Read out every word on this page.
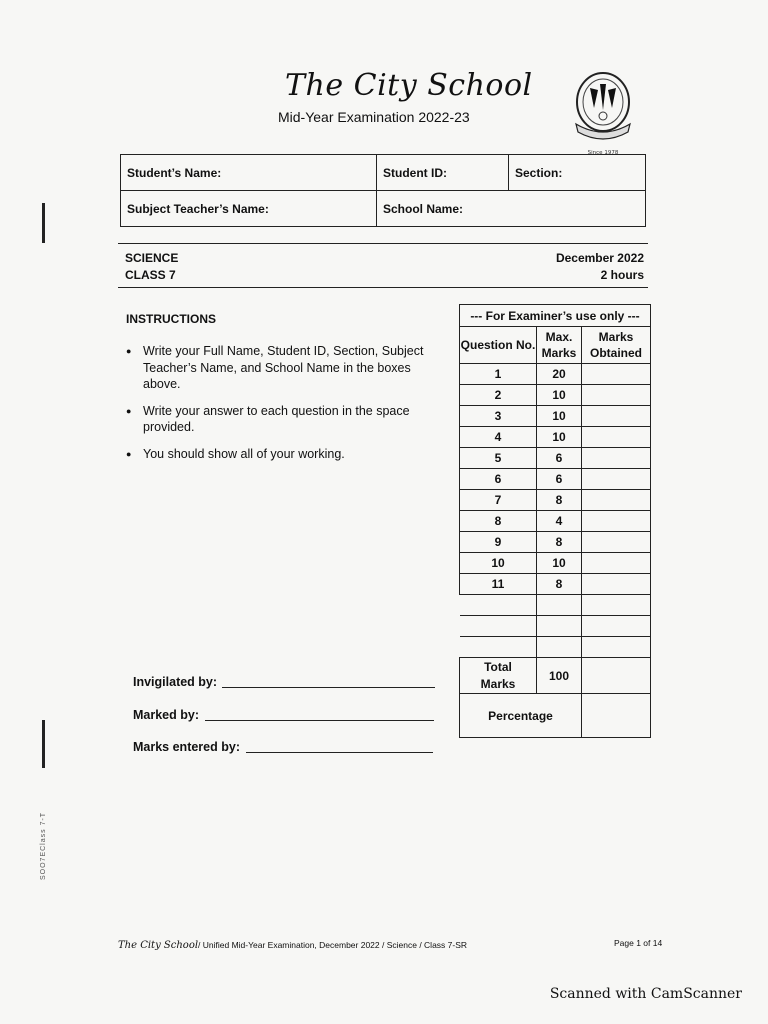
The City School
Mid-Year Examination 2022-23
Since 1978
Student’s Name:	Student ID:	Section:
Subject Teacher’s Name:	School Name:	
SCIENCE
CLASS 7
December 2022
2 hours
INSTRUCTIONS
● Write your Full Name, Student ID, Section, Subject Teacher’s Name, and School Name in the boxes above.
● Write your answer to each question in the space provided.
● You should show all of your working.
--- For Examiner’s use only ---		
Question No.	Max. Marks	Marks Obtained
1	20	
2	10	
3	10	
4	10	
5	6	
6	6	
7	8	
8	4	
9	8	
10	10	
11	8	

Total Marks	100	
Percentage		
Invigilated by:
Marked by:
Marks entered by:
SOO7EClass 7-T
The City School/ Unified Mid-Year Examination, December 2022 / Science / Class 7-SR	Page 1 of 14
Scanned with CamScanner
